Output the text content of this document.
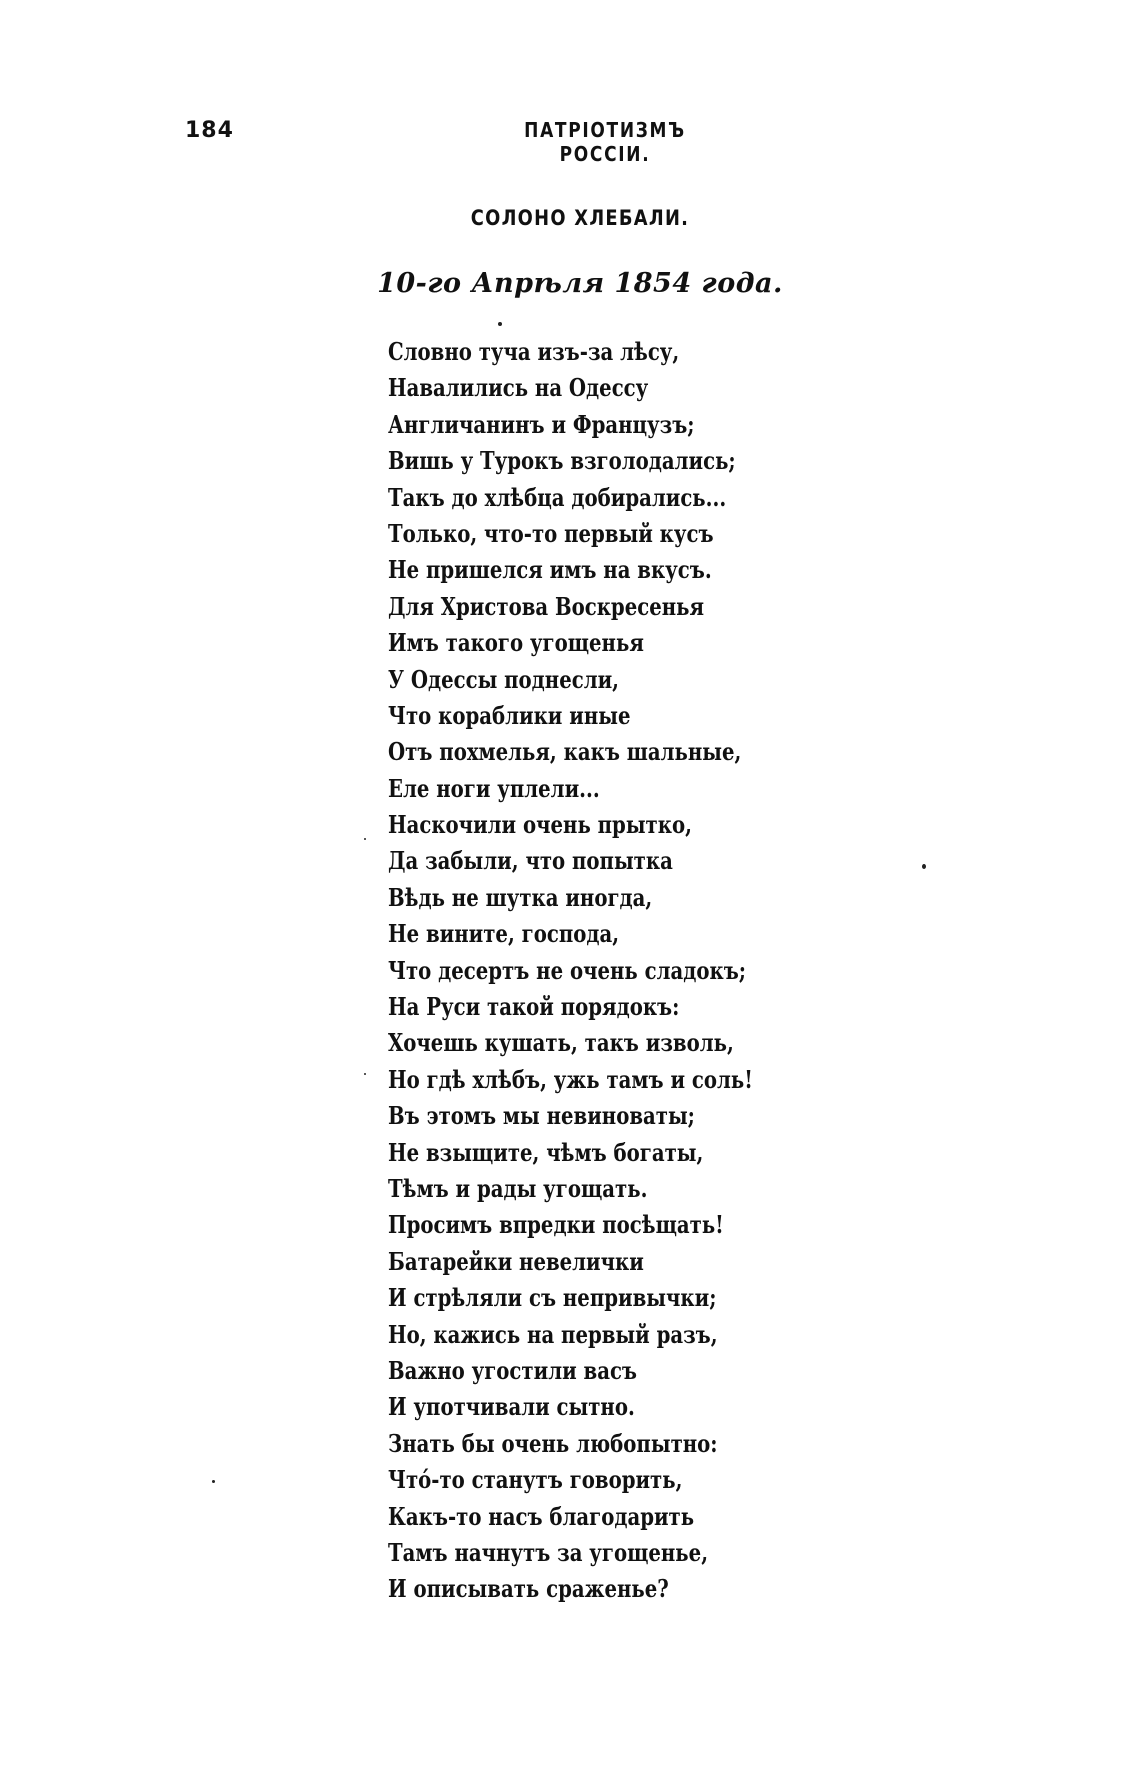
184	ПАТРІОТИЗМЪ РОССІИ.
СОЛОНО ХЛЕБАЛИ.
10-го Апрѣля 1854 года.
Словно туча изъ-за лѣсу,
Навалились на Одессу
Англичанинъ и Французъ;
Вишь у Турокъ взголодались;
Такъ до хлѣбца добирались...
Только, что-то первый кусъ
Не пришелся имъ на вкусъ.
Для Христова Воскресенья
Имъ такого угощенья
У Одессы поднесли,
Что кораблики иные
Отъ похмелья, какъ шальные,
Еле ноги уплели...
Наскочили очень прытко,
Да забыли, что попытка
Вѣдь не шутка иногда,
Не вините, господа,
Что десертъ не очень сладокъ;
На Руси такой порядокъ:
Хочешь кушать, такъ изволь,
Но гдѣ хлѣбъ, ужь тамъ и соль!
Въ этомъ мы невиноваты;
Не взыщите, чѣмъ богаты,
Тѣмъ и рады угощать.
Просимъ впредки посѣщать!
Батарейки невелички
И стрѣляли съ непривычки;
Но, кажись на первый разъ,
Важно угостили васъ
И употчивали сытно.
Знать бы очень любопытно:
Что́-то станутъ говорить,
Какъ-то насъ благодарить
Тамъ начнутъ за угощенье,
И описывать сраженье?
